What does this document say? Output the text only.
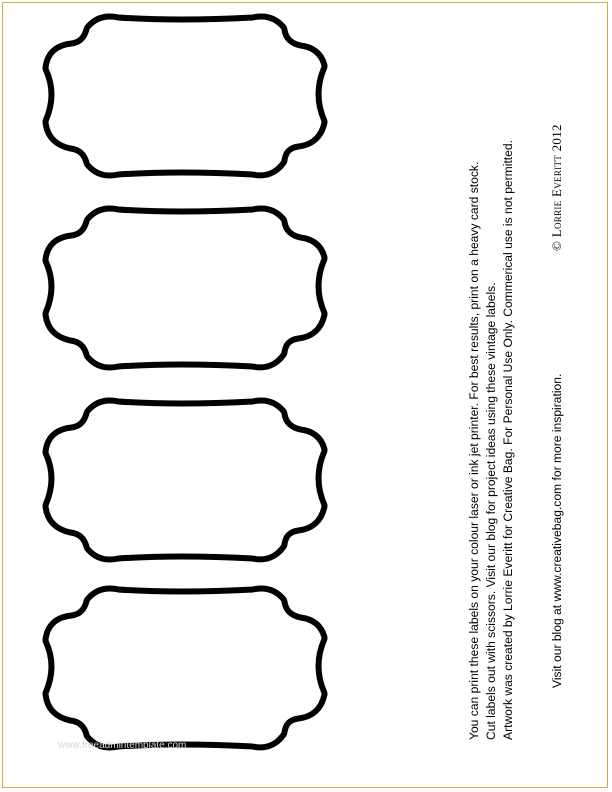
www.freeadmintemplate.com
You can print these labels on your colour laser or ink jet printer. For best results, print on a heavy card stock. Cut labels out with scissors. Visit our blog for project ideas using these vintage labels. Artwork was created by Lorrie Everitt for Creative Bag. For Personal Use Only. Commerical use is not permitted.	Visit our blog at www.creativebag.com for more inspiration.
© Lorrie Everitt 2012
